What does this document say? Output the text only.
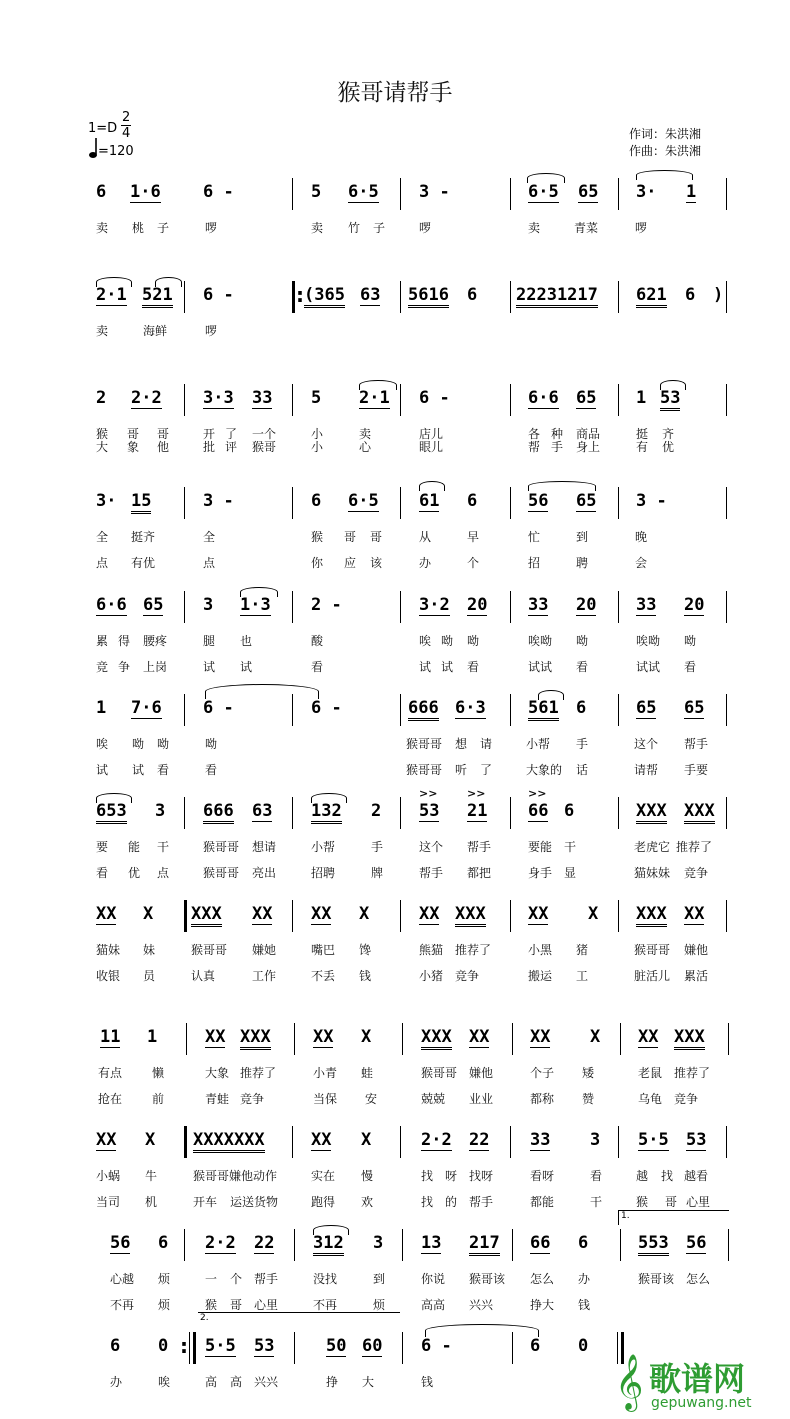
猴哥请帮手
$1=D \frac{2}{4}$
=120
作词：朱洪湘
作曲：朱洪湘
6 1·6 6 -	5 6·5 3 -	6·5 65 3· 1
卖 桃 子	啰	卖 竹 子	啰	卖	青菜	啰
2·1 521 6 -	: (365 63 5616 6 22231217 621 6 )
卖	海鲜	啰
2 2·2 3·3 33 5 2·1 6 -	6·6 65 1 53
猴 哥 哥	开 了 一个	小	卖	店儿	各 种 商品	挺 齐
大 象 他	批 评 猴哥	小	心	眼儿	帮 手 身上	有 优
3· 15	3 -	6 6·5 61 6	56 65 3 -
全 挺齐	全	猴 哥 哥	从	早	忙	到	晚
点 有优	点	你 应 该	办	个	招	聘	会
6·6 65 3 1·3 2 -	3·2 20 33 20 33 20
累 得 腰疼	腿 也	酸	唉 呦 呦	唉呦 呦	唉呦 呦
竞 争 上岗	试 试	看	试 试 看	试试 看	试试 看
1 7·6 6 -	6 -	666 6·3 561 6	65 65
唉 呦 呦	呦	猴哥哥 想 请	小帮 手	这个 帮手
试 试 看	看	猴哥哥 听 了	大象的 话	请帮 手要
653 3 666 63 132 2 53 21 66 6	XXX XXX
>>	>>	>>
要 能 干	猴哥哥 想请	小帮	手	这个 帮手	要能 干	老虎它 推荐了
看 优 点	猴哥哥 亮出	招聘	牌	帮手 都把	身手 显	猫妹妹 竞争
XX X XXX XX XX X	XX XXX XX X XXX XX
猫妹 妹	猴哥哥 嫌她	嘴巴 馋	熊猫 推荐了	小黑 猪	猴哥哥 嫌他
收银 员	认真	工作	不丢 钱	小猪 竞争	搬运 工	脏活儿 累活
11 1	XX XXX XX X	XXX XX XX X XX XXX
有点 懒	大象 推荐了	小青 蛙	猴哥哥 嫌他	个子 矮	老鼠 推荐了
抢在 前	青蛙 竞争	当保 安	兢兢 业业	都称 赞	乌龟 竞争
XX X XXXXXXX	XX X	2·2 22 33 3 5·5 53
小蜗 牛	猴哥哥嫌他动作	实在 慢	找 呀 找呀	看呀	看	越 找 越看
当司 机	开车 运送货物	跑得 欢	找 的 帮手	都能	干	猴 哥 心里
1.
56 6 2·2 22 312 3 13 217 66 6	553 56
心越 烦	一 个 帮手	没找	到	你说 猴哥该 怎么 办	猴哥该 怎么
不再 烦	猴 哥 心里	不再	烦	高高 兴兴	挣大 钱
2.
6 0 : 5·5 53	50 60 6 -	6 0
办	唉	高 高 兴兴	挣 大	钱	𝄞 歌谱网
gepuwang.net
